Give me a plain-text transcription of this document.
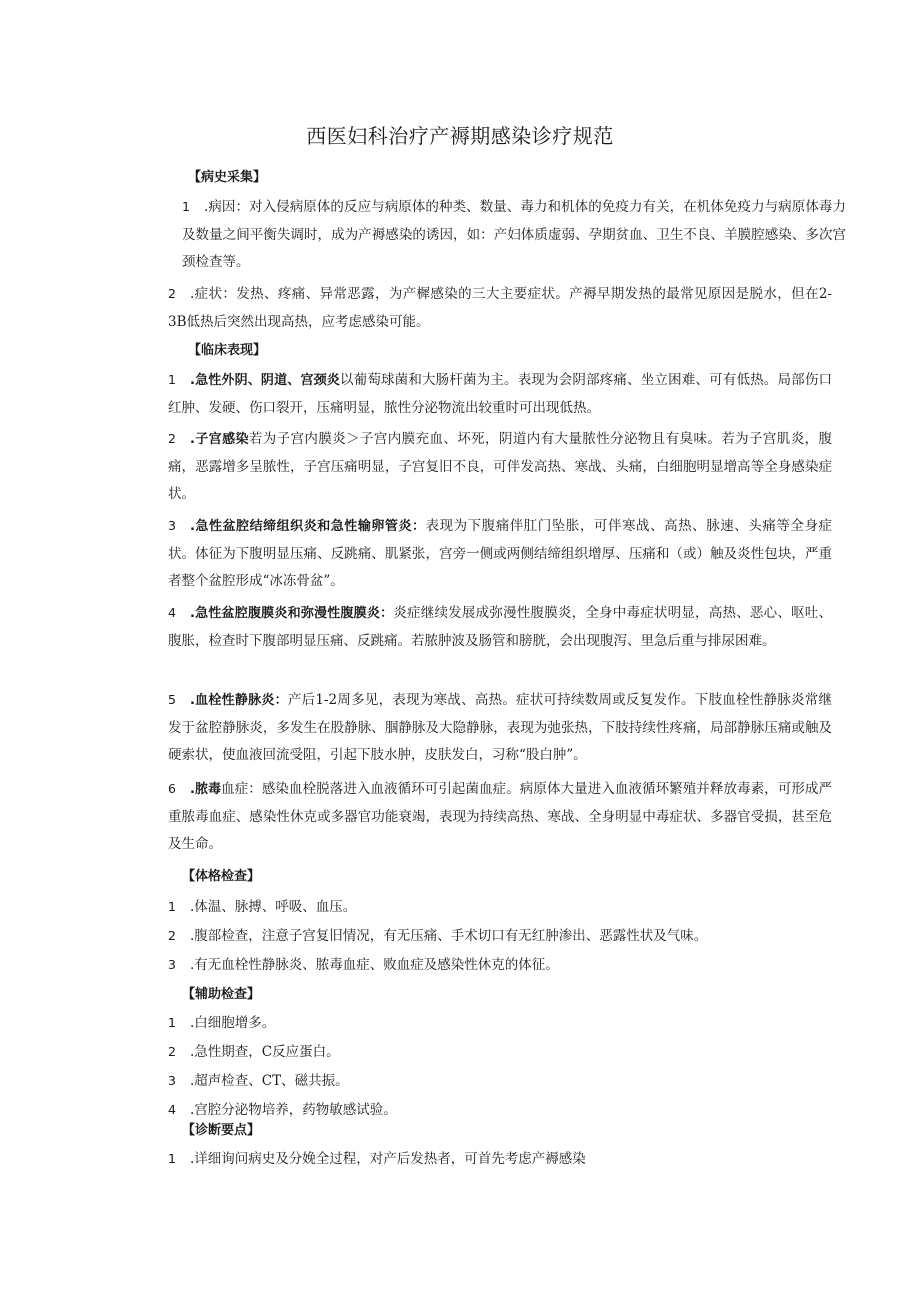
西医妇科治疗产褥期感染诊疗规范
【病史采集】
1 .病因：对入侵病原体的反应与病原体的种类、数量、毒力和机体的免疫力有关，在机体免疫力与病原体毒力及数量之间平衡失调时，成为产褥感染的诱因，如：产妇体质虚弱、孕期贫血、卫生不良、羊膜腔感染、多次宫颈检查等。
2 .症状：发热、疼痛、异常恶露，为产樨感染的三大主要症状。产褥早期发热的最常见原因是脱水，但在2-3B低热后突然出现高热，应考虑感染可能。
【临床表现】
1 .急性外阴、阴道、宫颈炎以葡萄球菌和大肠杆菌为主。表现为会阴部疼痛、坐立困难、可有低热。局部伤口红肿、发硬、伤口裂开，压痛明显，脓性分泌物流出较重时可出现低热。
2 .子宫感染若为子宫内膜炎＞子宫内膜充血、坏死，阴道内有大量脓性分泌物且有臭味。若为子宫肌炎，腹痛，恶露增多呈脓性，子宫压痛明显，子宫复旧不良，可伴发高热、寒战、头痛，白细胞明显增高等全身感染症状。
3 .急性盆腔结缔组织炎和急性输卵管炎：表现为下腹痛伴肛门坠胀，可伴寒战、高热、脉速、头痛等全身症状。体征为下腹明显压痛、反跳痛、肌紧张，宫旁一侧或两侧结缔组织增厚、压痛和（或）触及炎性包块，严重者整个盆腔形成“冰冻骨盆”。
4 .急性盆腔腹膜炎和弥漫性腹膜炎：炎症继续发展成弥漫性腹膜炎，全身中毒症状明显，高热、恶心、呕吐、腹胀，检查时下腹部明显压痛、反跳痛。若脓肿波及肠管和膀胱，会出现腹泻、里急后重与排尿困难。
5 .血栓性静脉炎：产后1-2周多见，表现为寒战、高热。症状可持续数周或反复发作。下肢血栓性静脉炎常继发于盆腔静脉炎，多发生在股静脉、腘静脉及大隐静脉，表现为弛张热，下肢持续性疼痛，局部静脉压痛或触及硬索状，使血液回流受阻，引起下肢水肿，皮肤发白，习称“股白肿”。
6 .脓毒血症：感染血栓脱落进入血液循环可引起菌血症。病原体大量进入血液循环繁殖并释放毒素，可形成严重脓毒血症、感染性休克或多器官功能衰竭，表现为持续高热、寒战、全身明显中毒症状、多器官受损，甚至危及生命。
【体格检查】
1 .体温、脉搏、呼吸、血压。
2 .腹部检查，注意子宫复旧情况，有无压痛、手术切口有无红肿渗出、恶露性状及气味。
3 .有无血栓性静脉炎、脓毒血症、败血症及感染性休克的体征。
【辅助检查】
1 .白细胞增多。
2 .急性期查，C反应蛋白。
3 .超声检查、CT、磁共振。
4 .宫腔分泌物培养，药物敏感试验。
【诊断要点】
1 .详细询问病史及分娩全过程，对产后发热者，可首先考虑产褥感染
